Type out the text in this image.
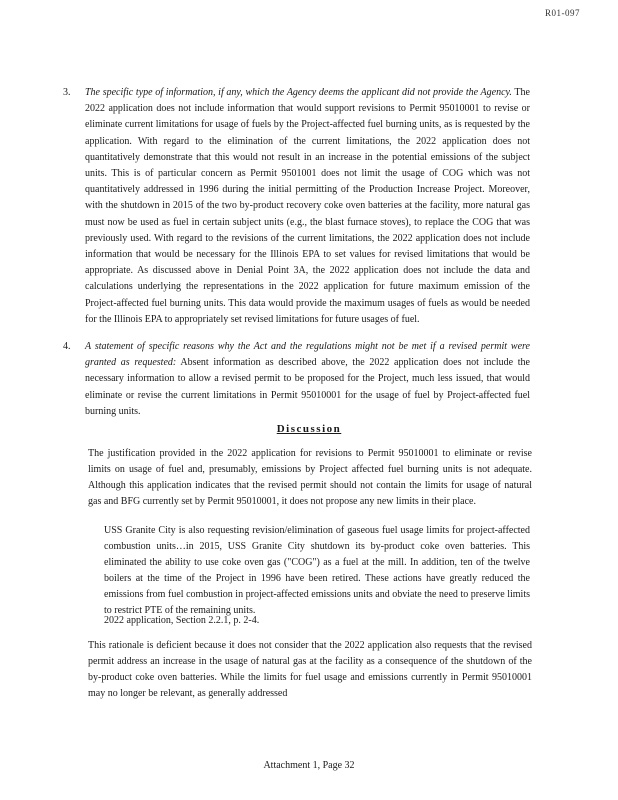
R01-097
3. The specific type of information, if any, which the Agency deems the applicant did not provide the Agency. The 2022 application does not include information that would support revisions to Permit 95010001 to revise or eliminate current limitations for usage of fuels by the Project-affected fuel burning units, as is requested by the application. With regard to the elimination of the current limitations, the 2022 application does not quantitatively demonstrate that this would not result in an increase in the potential emissions of the subject units. This is of particular concern as Permit 9501001 does not limit the usage of COG which was not quantitatively addressed in 1996 during the initial permitting of the Production Increase Project. Moreover, with the shutdown in 2015 of the two by-product recovery coke oven batteries at the facility, more natural gas must now be used as fuel in certain subject units (e.g., the blast furnace stoves), to replace the COG that was previously used. With regard to the revisions of the current limitations, the 2022 application does not include information that would be necessary for the Illinois EPA to set values for revised limitations that would be appropriate. As discussed above in Denial Point 3A, the 2022 application does not include the data and calculations underlying the representations in the 2022 application for future maximum emission of the Project-affected fuel burning units. This data would provide the maximum usages of fuels as would be needed for the Illinois EPA to appropriately set revised limitations for future usages of fuel.
4. A statement of specific reasons why the Act and the regulations might not be met if a revised permit were granted as requested: Absent information as described above, the 2022 application does not include the necessary information to allow a revised permit to be proposed for the Project, much less issued, that would eliminate or revise the current limitations in Permit 95010001 for the usage of fuel by Project-affected fuel burning units.
Discussion
The justification provided in the 2022 application for revisions to Permit 95010001 to eliminate or revise limits on usage of fuel and, presumably, emissions by Project affected fuel burning units is not adequate. Although this application indicates that the revised permit should not contain the limits for usage of natural gas and BFG currently set by Permit 95010001, it does not propose any new limits in their place.
USS Granite City is also requesting revision/elimination of gaseous fuel usage limits for project-affected combustion units…in 2015, USS Granite City shutdown its by-product coke oven batteries. This eliminated the ability to use coke oven gas ("COG") as a fuel at the mill. In addition, ten of the twelve boilers at the time of the Project in 1996 have been retired. These actions have greatly reduced the emissions from fuel combustion in project-affected emissions units and obviate the need to preserve limits to restrict PTE of the remaining units.
2022 application, Section 2.2.1, p. 2-4.
This rationale is deficient because it does not consider that the 2022 application also requests that the revised permit address an increase in the usage of natural gas at the facility as a consequence of the shutdown of the by-product coke oven batteries. While the limits for fuel usage and emissions currently in Permit 95010001 may no longer be relevant, as generally addressed
Attachment 1, Page 32
